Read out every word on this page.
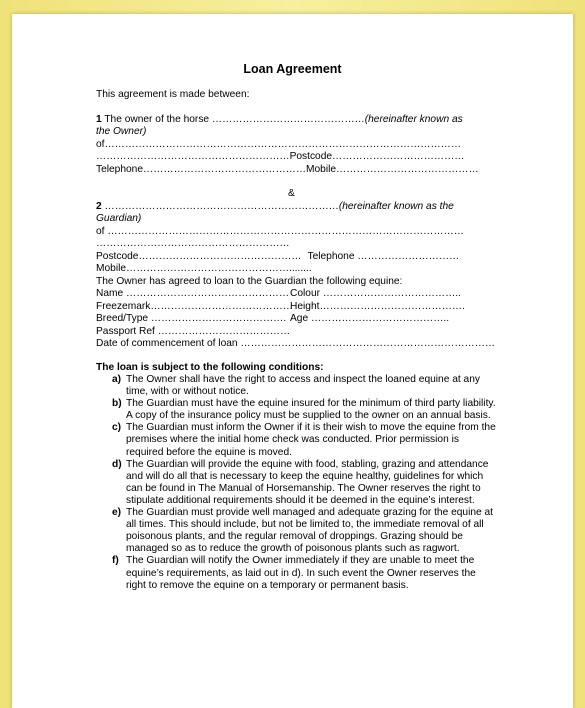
Loan Agreement
This agreement is made between:
1 The owner of the horse ………………………………………(hereinafter known as
the Owner)
of……………………………………………………………………………………………
…………………………………………………Postcode…………………………………
Telephone…………………………………………Mobile……………………………………
&
2 ……………………………………………………………(hereinafter known as the
Guardian)
of ……………………………………………………………………………………………
…………………………………………………
Postcode………………………………………… Telephone …………………………
Mobile…………………………………………........
The Owner has agreed to loan to the Guardian the following equine:
Name ………………………………………… Colour …………………………………..
Freezemark……………………………………
Height…………………………………….
Breed/Type …………………………………. Age …………………………………..
Passport Ref …………………………………
Date of commencement of loan …………………………………………………………………
The loan is subject to the following conditions:
a) The Owner shall have the right to access and inspect the loaned equine at any time, with or without notice.
b) The Guardian must have the equine insured for the minimum of third party liability. A copy of the insurance policy must be supplied to the owner on an annual basis.
c) The Guardian must inform the Owner if it is their wish to move the equine from the premises where the initial home check was conducted. Prior permission is required before the equine is moved.
d) The Guardian will provide the equine with food, stabling, grazing and attendance and will do all that is necessary to keep the equine healthy, guidelines for which can be found in The Manual of Horsemanship. The Owner reserves the right to stipulate additional requirements should it be deemed in the equine’s interest.
e) The Guardian must provide well managed and adequate grazing for the equine at all times. This should include, but not be limited to, the immediate removal of all poisonous plants, and the regular removal of droppings. Grazing should be managed so as to reduce the growth of poisonous plants such as ragwort.
f) The Guardian will notify the Owner immediately if they are unable to meet the equine’s requirements, as laid out in d). In such event the Owner reserves the right to remove the equine on a temporary or permanent basis.
